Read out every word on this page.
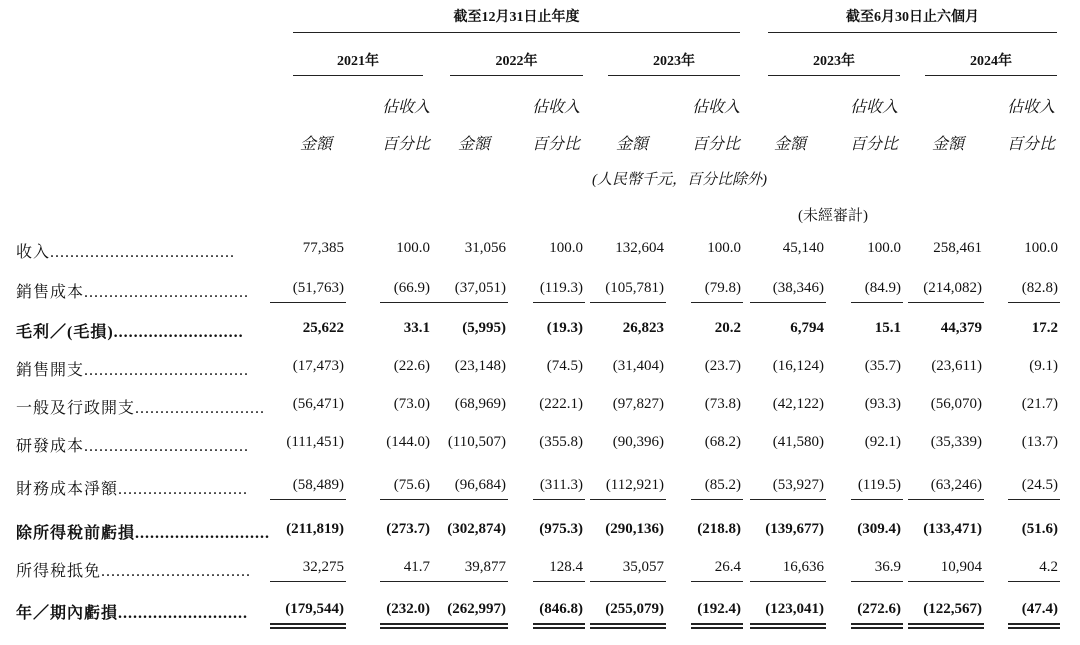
截至12月31日止年度	截至6月30日止六個月
2021年	2022年	2023年	2023年	2024年
佔收入	佔收入	佔收入	佔收入	佔收入
金額	百分比	金額	百分比	金額	百分比	金額	百分比	金額	百分比
(人民幣千元，百分比除外)
(未經審計)
收入.....................................	77,385	100.0	31,056	100.0	132,604	100.0	45,140	100.0	258,461	100.0
銷售成本.................................	(51,763)	(66.9)	(37,051)	(119.3)	(105,781)	(79.8)	(38,346)	(84.9)	(214,082)	(82.8)
毛利／(毛損)..........................	25,622	33.1	(5,995)	(19.3)	26,823	20.2	6,794	15.1	44,379	17.2
銷售開支.................................	(17,473)	(22.6)	(23,148)	(74.5)	(31,404)	(23.7)	(16,124)	(35.7)	(23,611)	(9.1)
一般及行政開支..........................	(56,471)	(73.0)	(68,969)	(222.1)	(97,827)	(73.8)	(42,122)	(93.3)	(56,070)	(21.7)
研發成本.................................	(111,451)	(144.0)	(110,507)	(355.8)	(90,396)	(68.2)	(41,580)	(92.1)	(35,339)	(13.7)
財務成本淨額..........................	(58,489)	(75.6)	(96,684)	(311.3)	(112,921)	(85.2)	(53,927)	(119.5)	(63,246)	(24.5)
除所得稅前虧損...........................	(211,819)	(273.7)	(302,874)	(975.3)	(290,136)	(218.8)	(139,677)	(309.4)	(133,471)	(51.6)
所得稅抵免..............................	32,275	41.7	39,877	128.4	35,057	26.4	16,636	36.9	10,904	4.2
年／期內虧損..........................	(179,544)	(232.0)	(262,997)	(846.8)	(255,079)	(192.4)	(123,041)	(272.6)	(122,567)	(47.4)
